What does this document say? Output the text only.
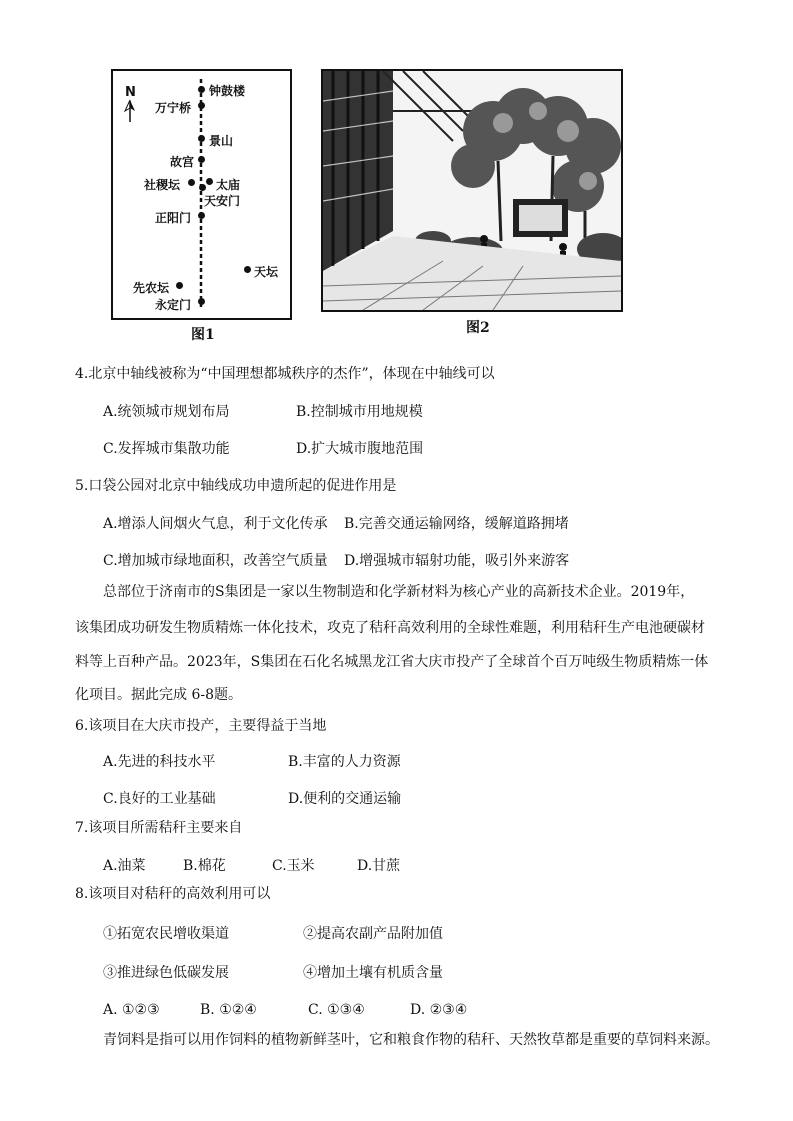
N	钟鼓楼
万宁桥
景山
故宫
社稷坛	太庙
天安门
正阳门
天坛
先农坛
永定门
图1	图2
4.北京中轴线被称为“中国理想都城秩序的杰作”，体现在中轴线可以
A.统领城市规划布局	B.控制城市用地规模
C.发挥城市集散功能	D.扩大城市腹地范围
5.口袋公园对北京中轴线成功申遗所起的促进作用是
A.增添人间烟火气息，利于文化传承 B.完善交通运输网络，缓解道路拥堵
C.增加城市绿地面积，改善空气质量 D.增强城市辐射功能，吸引外来游客
总部位于济南市的S集团是一家以生物制造和化学新材料为核心产业的高新技术企业。2019年，
该集团成功研发生物质精炼一体化技术，攻克了秸秆高效利用的全球性难题，利用秸秆生产电池硬碳材
料等上百种产品。2023年，S集团在石化名城黑龙江省大庆市投产了全球首个百万吨级生物质精炼一体
化项目。据此完成 6-8题。
6.该项目在大庆市投产，主要得益于当地
A.先进的科技水平	B.丰富的人力资源
C.良好的工业基础	D.便利的交通运输
7.该项目所需秸秆主要来自
A.油菜	B.棉花	C.玉米	D.甘蔗
8.该项目对秸秆的高效利用可以
①拓宽农民增收渠道	②提高农副产品附加值
③推进绿色低碳发展	④增加土壤有机质含量
A. ①②③	B. ①②④	C. ①③④	D. ②③④
青饲料是指可以用作饲料的植物新鲜茎叶，它和粮食作物的秸秆、天然牧草都是重要的草饲料来源。
